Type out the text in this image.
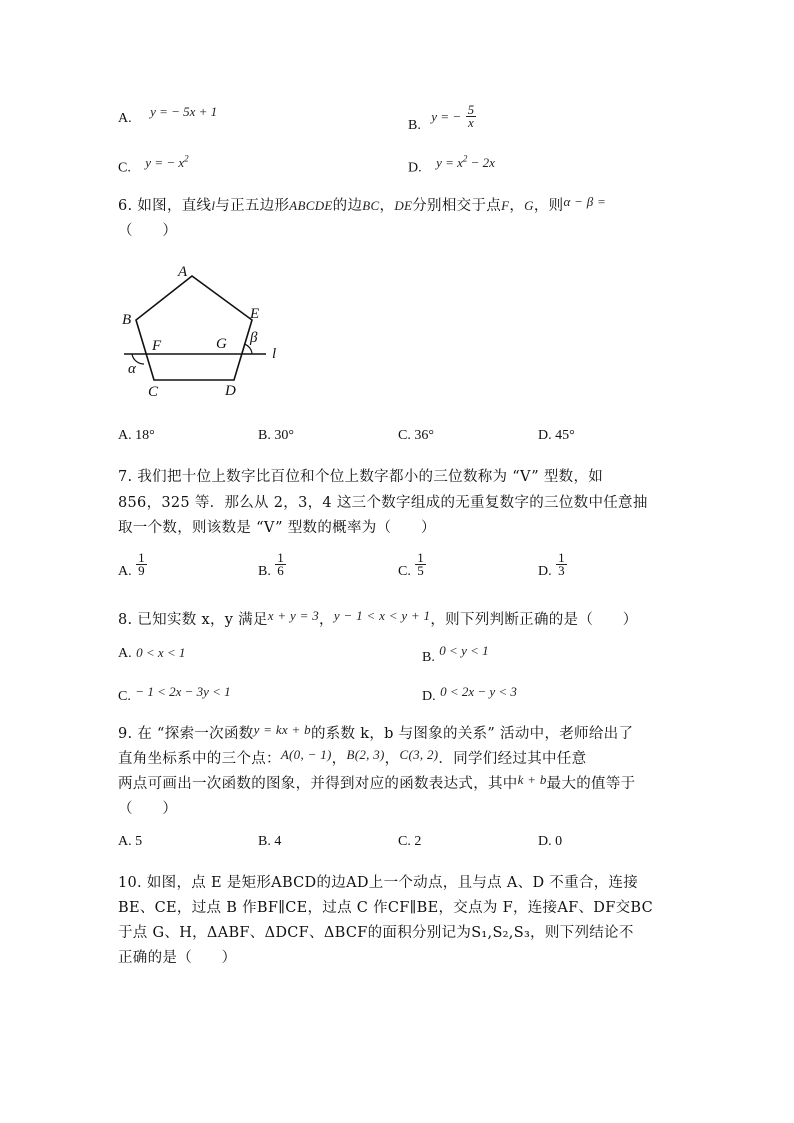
A. y = − 5x + 1
B. y = − $\frac{5}{x}$
C. y = − $x^2$
D. $y = x^2 - 2x$
6. 如图，直线l与正五边形ABCDE的边BC，DE分别相交于点F，G，则α − β =
（　　）
A
B	E
F	G β
l
α
C	D
A. 18°	B. 30°	C. 36°	D. 45°
7. 我们把十位上数字比百位和个位上数字都小的三位数称为 “V” 型数，如
856，325 等．那么从 2，3，4 这三个数字组成的无重复数字的三位数中任意抽
取一个数，则该数是 “V” 型数的概率为（　　）
A. $\frac{1}{9}$	B. $\frac{1}{6}$	C. $\frac{1}{5}$	D. $\frac{1}{3}$
8. 已知实数 x，y 满足x + y = 3，y − 1 < x < y + 1，则下列判断正确的是（　　）
A. 0 < x < 1	B. 0 < y < 1
C. − 1 < 2x − 3y < 1	D. 0 < 2x − y < 3
9. 在 “探索一次函数y = kx + b的系数 k，b 与图象的关系” 活动中，老师给出了
直角坐标系中的三个点：A(0, − 1)，B(2, 3)，C(3, 2)．同学们经过其中任意
两点可画出一次函数的图象，并得到对应的函数表达式，其中k + b最大的值等于
（　　）
A. 5	B. 4	C. 2	D. 0
10. 如图，点 E 是矩形ABCD的边AD上一个动点，且与点 A、D 不重合，连接
BE、CE，过点 B 作BF∥CE，过点 C 作CF∥BE，交点为 F，连接AF、DF交BC
于点 G、H，ΔABF、ΔDCF、ΔBCF的面积分别记为S₁,S₂,S₃，则下列结论不
正确的是（　　）
